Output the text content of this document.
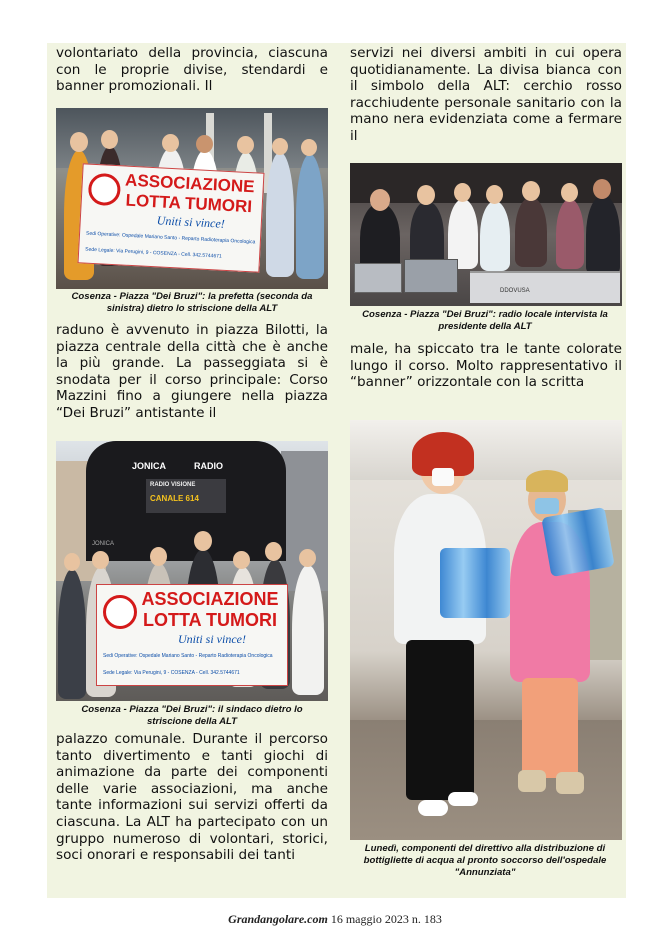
volontariato della provincia, ciascuna con le proprie divise, stendardi e banner promozionali. Il

ASSOCIAZIONE
LOTTA TUMORI
Uniti si vince!
Sedi Operative: Ospedale Mariano Santo - Reparto Radioterapia Oncologica
Sede Legale: Via Perugini, 9 - COSENZA - Cell. 342.5744671

Cosenza - Piazza "Dei Bruzi": la prefetta (seconda da sinistra) dietro lo striscione della ALT

raduno è avvenuto in piazza Bilotti, la piazza centrale della città che è anche la più grande. La passeggiata si è snodata per il corso principale: Corso Mazzini fino a giungere nella piazza “Dei Bruzi” antistante il

JONICA	RADIO
RADIO VISIONE
CANALE 614
JONICA
ASSOCIAZIONE
LOTTA TUMORI
Uniti si vince!
Sedi Operative: Ospedale Mariano Santo - Reparto Radioterapia Oncologica
Sede Legale: Via Perugini, 9 - COSENZA - Cell. 342.5744671

Cosenza - Piazza "Dei Bruzi": il sindaco dietro lo striscione della ALT

palazzo comunale. Durante il percorso tanto divertimento e tanti giochi di animazione da parte dei componenti delle varie associazioni, ma anche tante informazioni sui servizi offerti da ciascuna. La ALT ha partecipato con un gruppo numeroso di volontari, storici, soci onorari e responsabili dei tanti

servizi nei diversi ambiti in cui opera quotidianamente. La divisa bianca con il simbolo della ALT: cerchio rosso racchiudente personale sanitario con la mano nera evidenziata come a fermare il

DDOVUSA

Cosenza - Piazza "Dei Bruzi": radio locale intervista la presidente della ALT

male, ha spiccato tra le tante colorate lungo il corso. Molto rappresentativo il “banner” orizzontale con la scritta

Lunedì, componenti del direttivo alla distribuzione di bottigliette di acqua al pronto soccorso dell'ospedale "Annunziata"

Grandangolare.com 16 maggio 2023 n. 183
